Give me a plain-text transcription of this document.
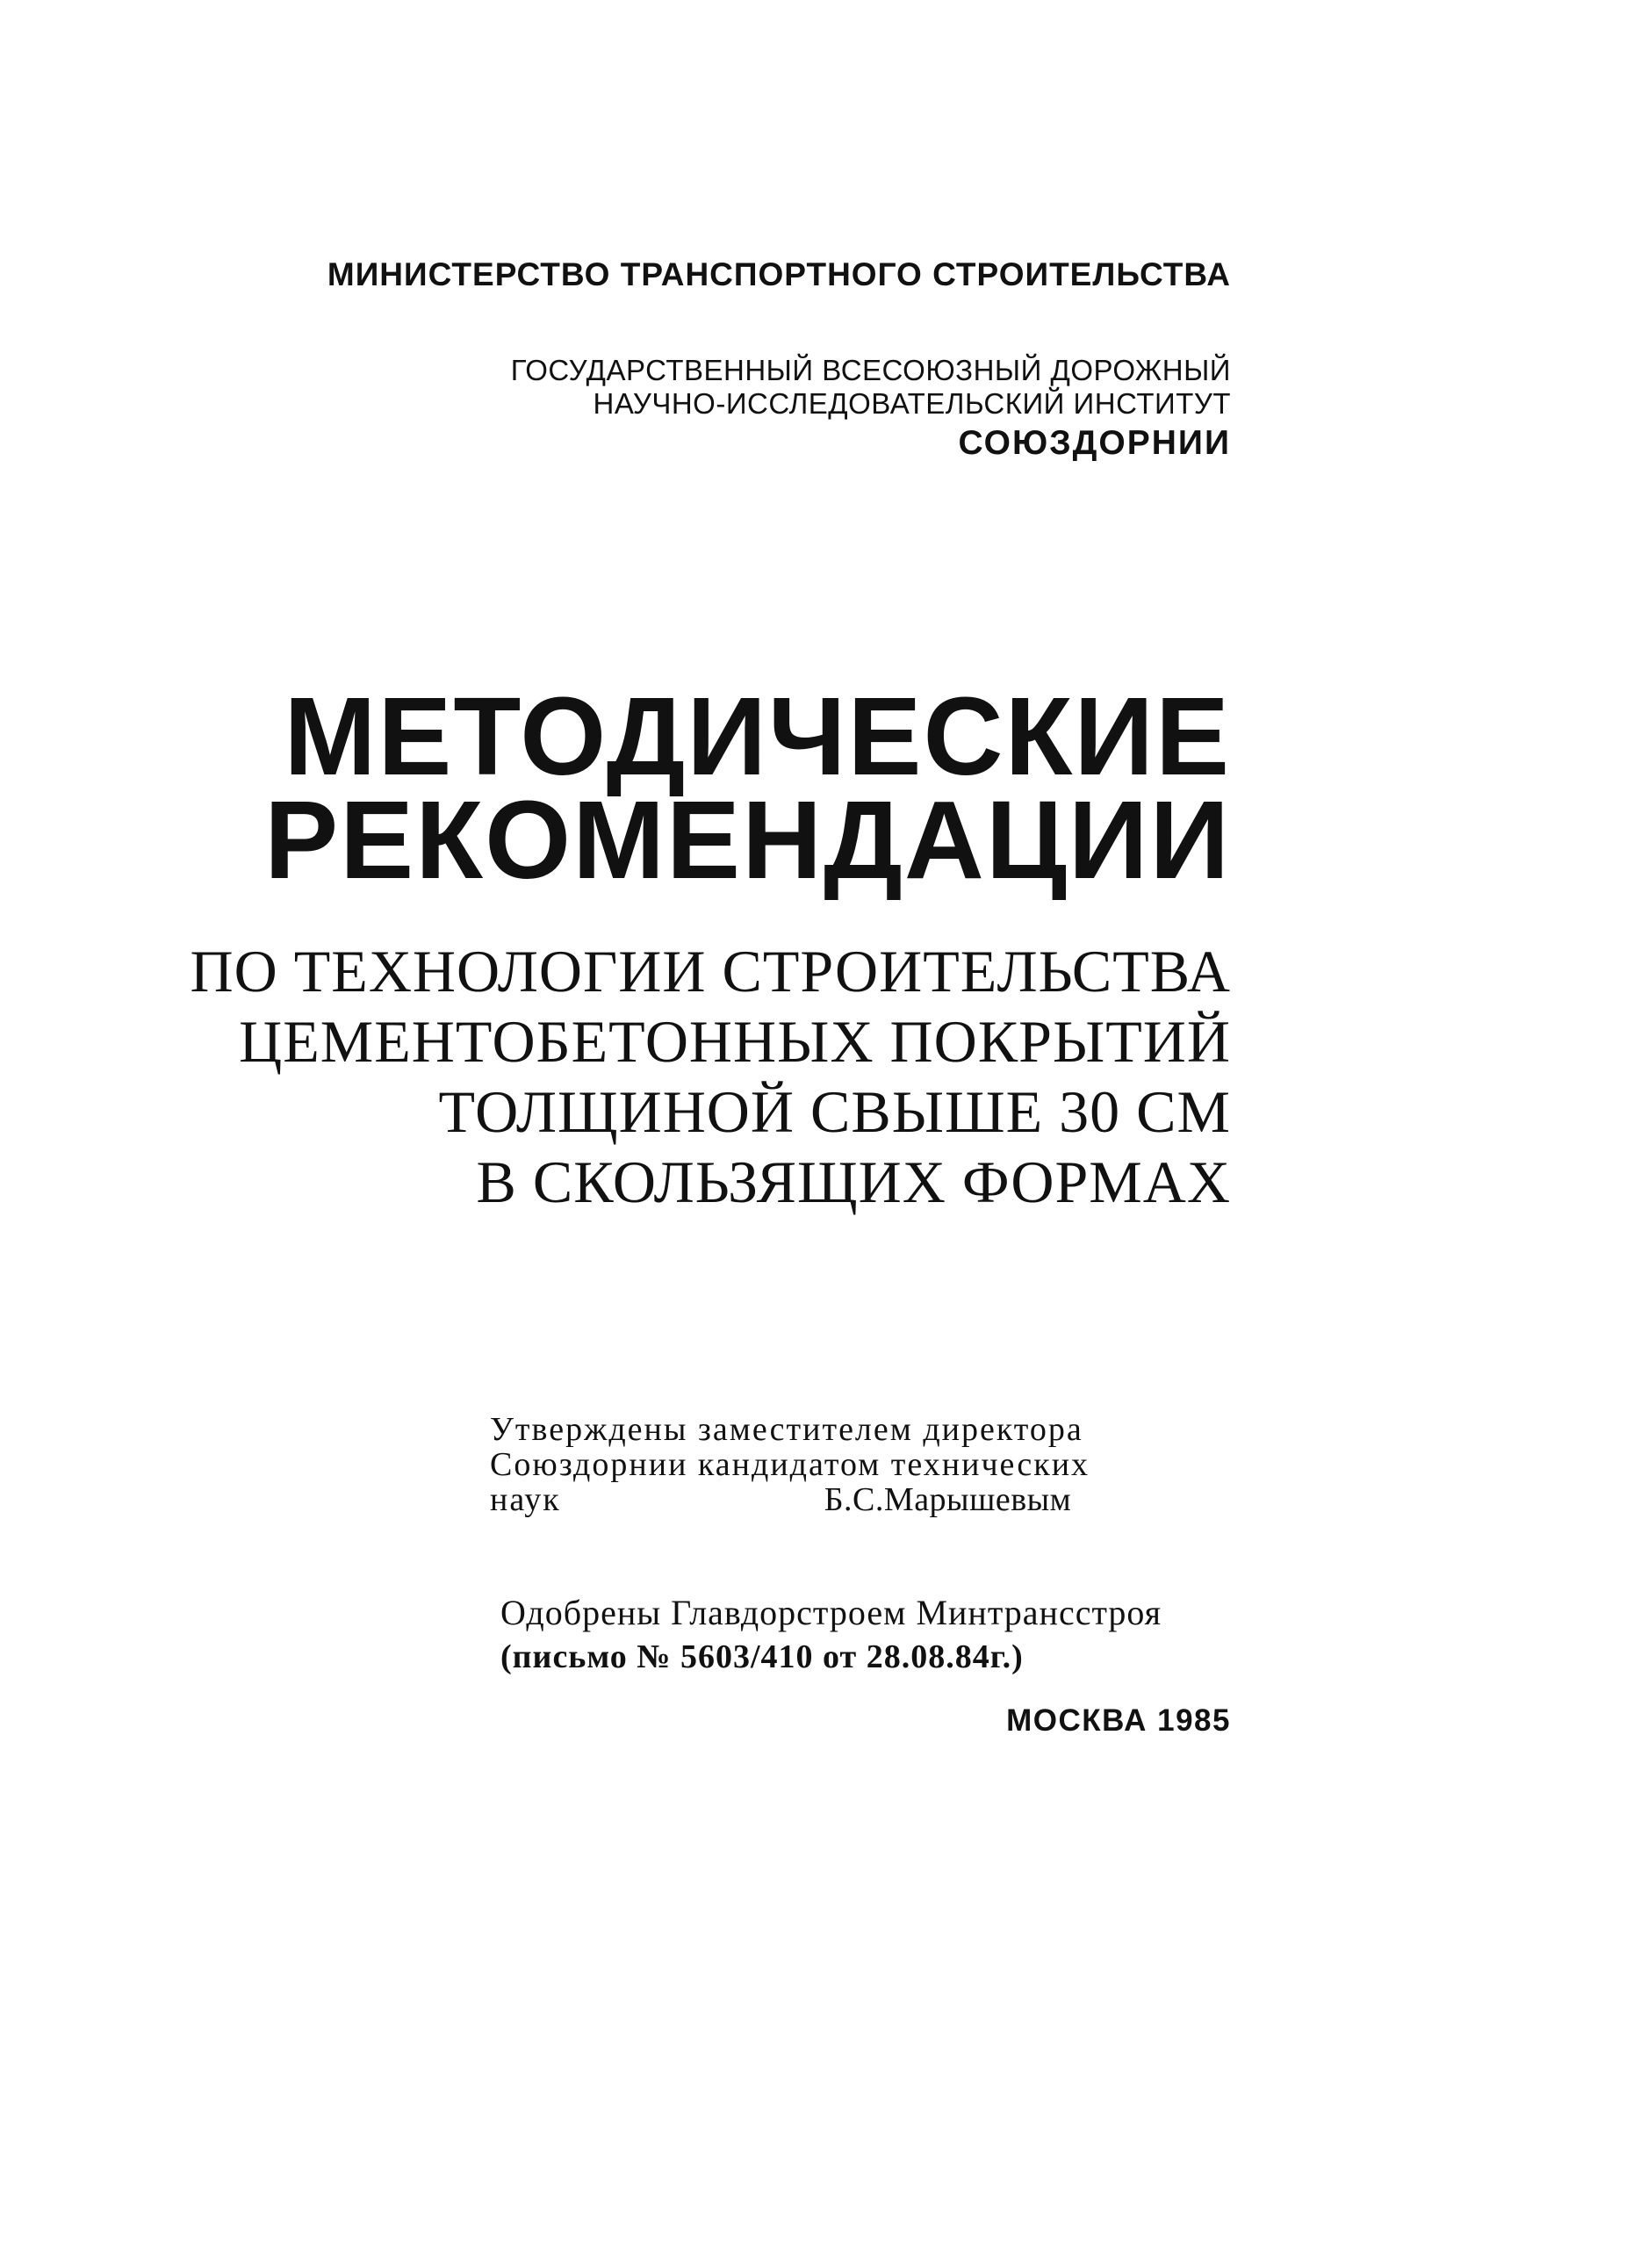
МИНИСТЕРСТВО ТРАНСПОРТНОГО СТРОИТЕЛЬСТВА
ГОСУДАРСТВЕННЫЙ ВСЕСОЮЗНЫЙ ДОРОЖНЫЙ
НАУЧНО-ИССЛЕДОВАТЕЛЬСКИЙ ИНСТИТУТ
СОЮЗДОРНИИ
МЕТОДИЧЕСКИЕ
РЕКОМЕНДАЦИИ
ПО ТЕХНОЛОГИИ СТРОИТЕЛЬСТВА
ЦЕМЕНТОБЕТОННЫХ ПОКРЫТИЙ
ТОЛЩИНОЙ СВЫШЕ 30 СМ
В СКОЛЬЗЯЩИХ ФОРМАХ
Утверждены заместителем директора
Союздорнии кандидатом технических
наук	Б.С.Марышевым
Одобрены Главдорстроем Минтрансстроя
(письмо № 5603/410 от 28.08.84г.)
МОСКВА 1985
